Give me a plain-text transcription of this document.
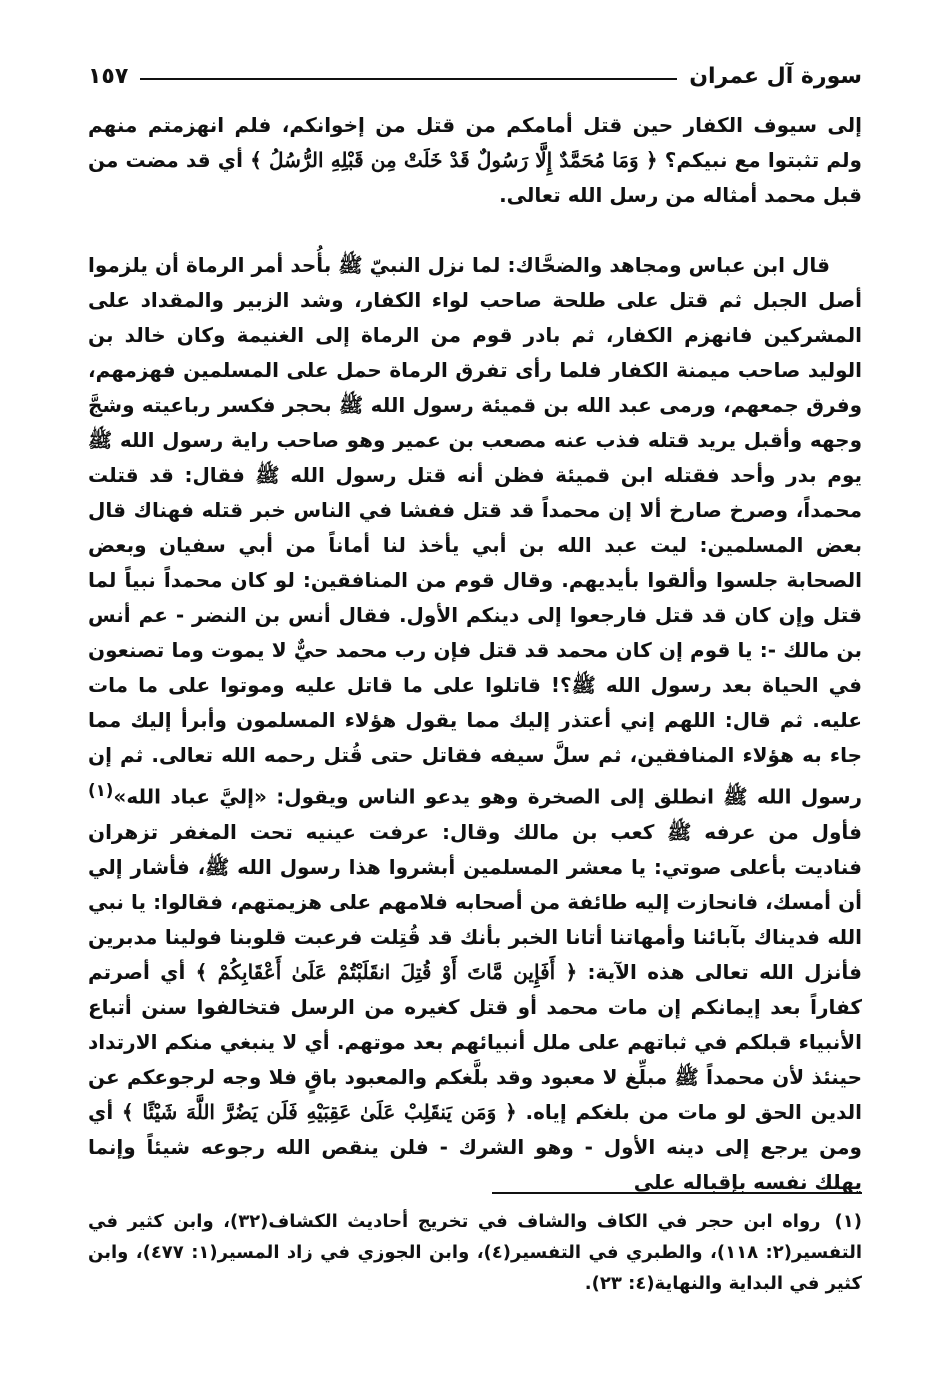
سورة آل عمران
١٥٧

إلى سيوف الكفار حين قتل أمامكم من قتل من إخوانكم، فلم انهزمتم منهم ولم تثبتوا مع نبيكم؟ ﴿ وَمَا مُحَمَّدٌ إِلَّا رَسُولٌ قَدْ خَلَتْ مِن قَبْلِهِ الرُّسُلُ ﴾ أي قد مضت من قبل محمد أمثاله من رسل الله تعالى.

قال ابن عباس ومجاهد والضحَّاك: لما نزل النبيّ ﷺ بأُحد أمر الرماة أن يلزموا أصل الجبل ثم قتل على طلحة صاحب لواء الكفار، وشد الزبير والمقداد على المشركين فانهزم الكفار، ثم بادر قوم من الرماة إلى الغنيمة وكان خالد بن الوليد صاحب ميمنة الكفار فلما رأى تفرق الرماة حمل على المسلمين فهزمهم، وفرق جمعهم، ورمى عبد الله بن قميئة رسول الله ﷺ بحجر فكسر رباعيته وشجَّ وجهه وأقبل يريد قتله فذب عنه مصعب بن عمير وهو صاحب راية رسول الله ﷺ يوم بدر وأحد فقتله ابن قميئة فظن أنه قتل رسول الله ﷺ فقال: قد قتلت محمداً، وصرخ صارخ ألا إن محمداً قد قتل ففشا في الناس خبر قتله فهناك قال بعض المسلمين: ليت عبد الله بن أبي يأخذ لنا أماناً من أبي سفيان وبعض الصحابة جلسوا وألقوا بأيديهم. وقال قوم من المنافقين: لو كان محمداً نبياً لما قتل وإن كان قد قتل فارجعوا إلى دينكم الأول. فقال أنس بن النضر - عم أنس بن مالك -: يا قوم إن كان محمد قد قتل فإن رب محمد حيٌّ لا يموت وما تصنعون في الحياة بعد رسول الله ﷺ؟! قاتلوا على ما قاتل عليه وموتوا على ما مات عليه. ثم قال: اللهم إني أعتذر إليك مما يقول هؤلاء المسلمون وأبرأ إليك مما جاء به هؤلاء المنافقين، ثم سلَّ سيفه فقاتل حتى قُتل رحمه الله تعالى. ثم إن رسول الله ﷺ انطلق إلى الصخرة وهو يدعو الناس ويقول: «إليَّ عباد الله»$^{(١)}$ فأول من عرفه ﷺ كعب بن مالك وقال: عرفت عينيه تحت المغفر تزهران فناديت بأعلى صوتي: يا معشر المسلمين أبشروا هذا رسول الله ﷺ، فأشار إلي أن أمسك، فانحازت إليه طائفة من أصحابه فلامهم على هزيمتهم، فقالوا: يا نبي الله فديناك بآبائنا وأمهاتنا أتانا الخبر بأنك قد قُتِلت فرعبت قلوبنا فولينا مدبرين فأنزل الله تعالى هذه الآية: ﴿ أَفَإِين مَّاتَ أَوْ قُتِلَ انقَلَبْتُمْ عَلَىٰ أَعْقَابِكُمْ ﴾ أي أصرتم كفاراً بعد إيمانكم إن مات محمد أو قتل كغيره من الرسل فتخالفوا سنن أتباع الأنبياء قبلكم في ثباتهم على ملل أنبيائهم بعد موتهم. أي لا ينبغي منكم الارتداد حينئذ لأن محمداً ﷺ مبلِّغ لا معبود وقد بلَّغكم والمعبود باقٍ فلا وجه لرجوعكم عن الدين الحق لو مات من بلغكم إياه. ﴿ وَمَن يَنقَلِبْ عَلَىٰ عَقِبَيْهِ فَلَن يَضُرَّ اللَّهَ شَيْئًا ﴾ أي ومن يرجع إلى دينه الأول - وهو الشرك - فلن ينقص الله رجوعه شيئاً وإنما يهلك نفسه بإقباله على

(١)رواه ابن حجر في الكاف والشاف في تخريج أحاديث الكشاف(٣٢)، وابن كثير في التفسير(٢: ١١٨)، والطبري في التفسير(٤)، وابن الجوزي في زاد المسير(١: ٤٧٧)، وابن كثير في البداية والنهاية(٤: ٢٣).
